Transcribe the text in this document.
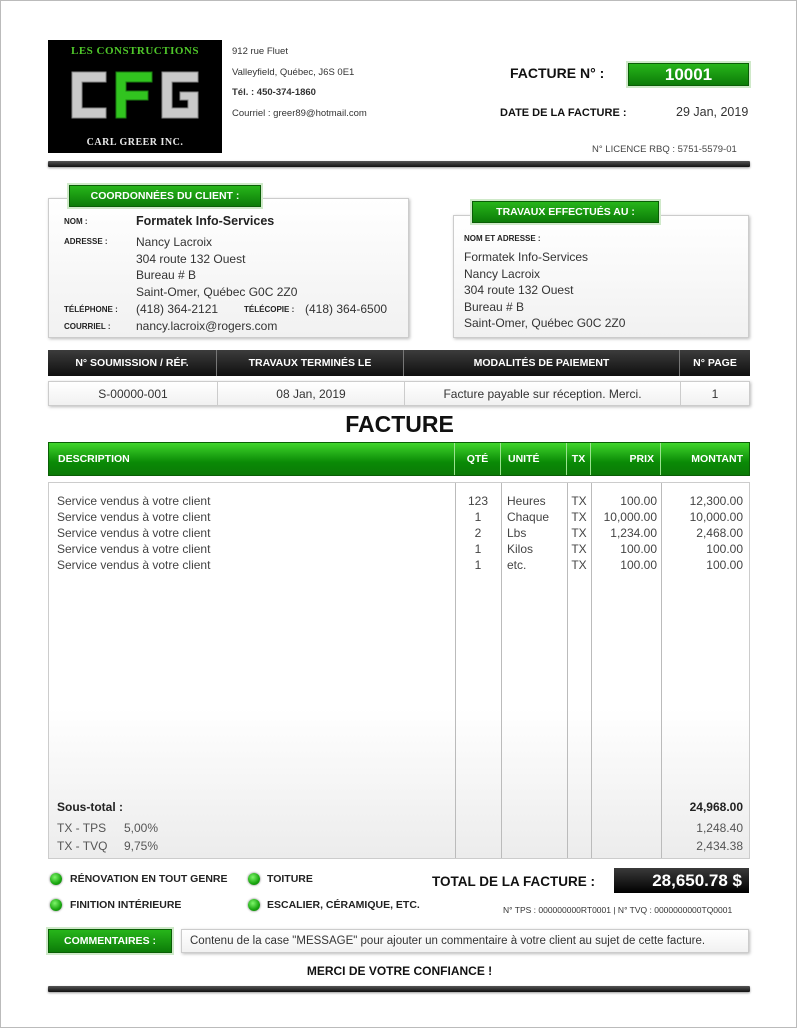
LES CONSTRUCTIONS
CARL GREER INC.
912 rue Fluet
Valleyfield, Québec, J6S 0E1
Tél. : 450-374-1860
Courriel : greer89@hotmail.com
FACTURE N° :	10001
DATE DE LA FACTURE :	29 Jan, 2019
N° LICENCE RBQ : 5751-5579-01
COORDONNÉES DU CLIENT :
NOM :	Formatek Info-Services
ADRESSE : Nancy Lacroix
304 route 132 Ouest
Bureau # B
Saint-Omer, Québec G0C 2Z0
TÉLÉPHONE : (418) 364-2121	TÉLÉCOPIE : (418) 364-6500
COURRIEL : nancy.lacroix@rogers.com
TRAVAUX EFFECTUÉS AU :
NOM ET ADRESSE :
Formatek Info-Services
Nancy Lacroix
304 route 132 Ouest
Bureau # B
Saint-Omer, Québec G0C 2Z0
N° SOUMISSION / RÉF.	TRAVAUX TERMINÉS LE	MODALITÉS DE PAIEMENT	N° PAGE
S-00000-001	08 Jan, 2019	Facture payable sur réception. Merci.	1
FACTURE
DESCRIPTION	QTÉ	UNITÉ	TX	PRIX	MONTANT
Service vendus à votre client	123	Heures	TX	100.00	12,300.00
Service vendus à votre client	1	Chaque	TX	10,000.00	10,000.00
Service vendus à votre client	2	Lbs	TX	1,234.00	2,468.00
Service vendus à votre client	1	Kilos	TX	100.00	100.00
Service vendus à votre client	1	etc.	TX	100.00	100.00
Sous-total :	24,968.00
TX - TPS 5,00%	1,248.40
TX - TVQ 9,75%	2,434.38
RÉNOVATION EN TOUT GENRE	TOITURE
FINITION INTÉRIEURE	ESCALIER, CÉRAMIQUE, ETC.
TOTAL DE LA FACTURE :	28,650.78 $
N° TPS : 000000000RT0001 | N° TVQ : 0000000000TQ0001
COMMENTAIRES :	Contenu de la case "MESSAGE" pour ajouter un commentaire à votre client au sujet de cette facture.
MERCI DE VOTRE CONFIANCE !
